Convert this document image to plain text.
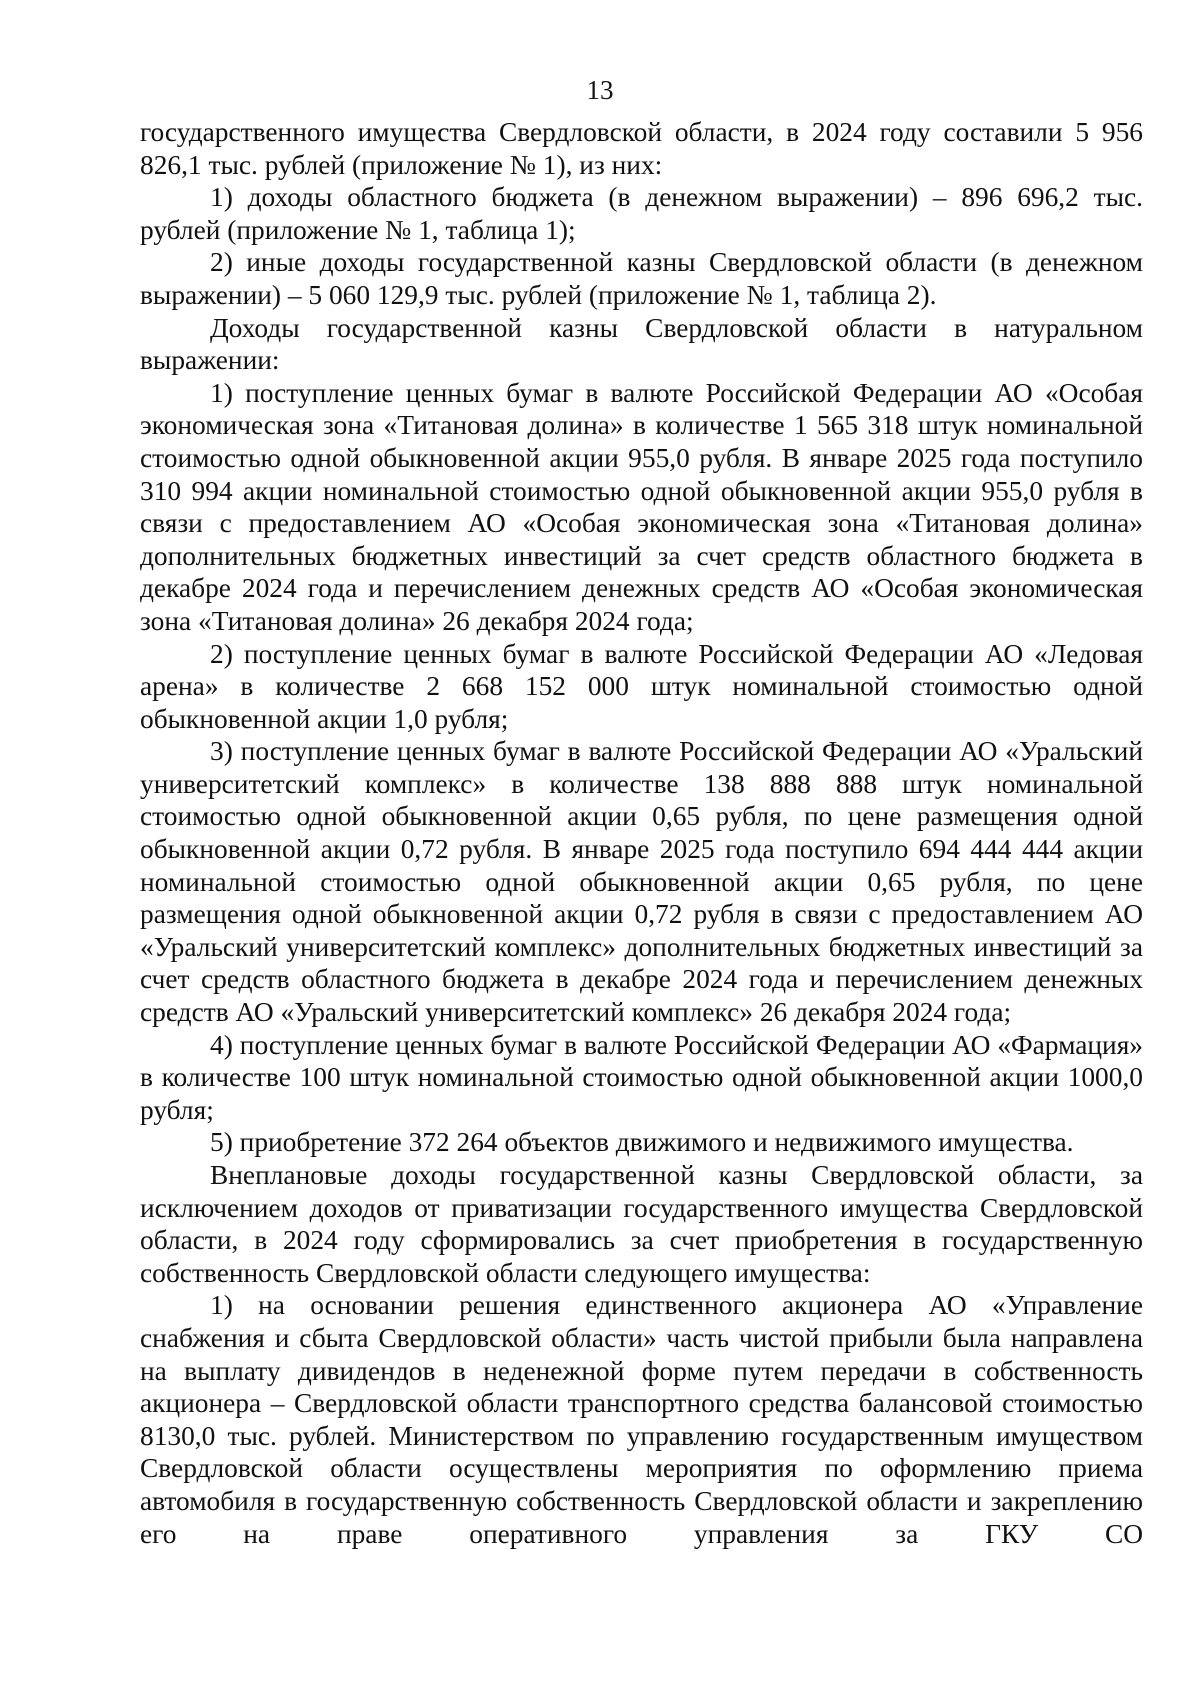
13

государственного имущества Свердловской области, в 2024 году составили 5 956 826,1 тыс. рублей (приложение № 1), из них:

1) доходы областного бюджета (в денежном выражении) – 896 696,2 тыс. рублей (приложение № 1, таблица 1);

2) иные доходы государственной казны Свердловской области (в денежном выражении) – 5 060 129,9 тыс. рублей (приложение № 1, таблица 2).

Доходы государственной казны Свердловской области в натуральном выражении:

1) поступление ценных бумаг в валюте Российской Федерации АО «Особая экономическая зона «Титановая долина» в количестве 1 565 318 штук номинальной стоимостью одной обыкновенной акции 955,0 рубля. В январе 2025 года поступило 310 994 акции номинальной стоимостью одной обыкновенной акции 955,0 рубля в связи с предоставлением АО «Особая экономическая зона «Титановая долина» дополнительных бюджетных инвестиций за счет средств областного бюджета в декабре 2024 года и перечислением денежных средств АО «Особая экономическая зона «Титановая долина» 26 декабря 2024 года;

2) поступление ценных бумаг в валюте Российской Федерации АО «Ледовая арена» в количестве 2 668 152 000 штук номинальной стоимостью одной обыкновенной акции 1,0 рубля;

3) поступление ценных бумаг в валюте Российской Федерации АО «Уральский университетский комплекс» в количестве 138 888 888 штук номинальной стоимостью одной обыкновенной акции 0,65 рубля, по цене размещения одной обыкновенной акции 0,72 рубля. В январе 2025 года поступило 694 444 444 акции номинальной стоимостью одной обыкновенной акции 0,65 рубля, по цене размещения одной обыкновенной акции 0,72 рубля в связи с предоставлением АО «Уральский университетский комплекс» дополнительных бюджетных инвестиций за счет средств областного бюджета в декабре 2024 года и перечислением денежных средств АО «Уральский университетский комплекс» 26 декабря 2024 года;

4) поступление ценных бумаг в валюте Российской Федерации АО «Фармация» в количестве 100 штук номинальной стоимостью одной обыкновенной акции 1000,0 рубля;

5) приобретение 372 264 объектов движимого и недвижимого имущества.

Внеплановые доходы государственной казны Свердловской области, за исключением доходов от приватизации государственного имущества Свердловской области, в 2024 году сформировались за счет приобретения в государственную собственность Свердловской области следующего имущества:

1) на основании решения единственного акционера АО «Управление снабжения и сбыта Свердловской области» часть чистой прибыли была направлена на выплату дивидендов в неденежной форме путем передачи в собственность акционера – Свердловской области транспортного средства балансовой стоимостью 8130,0 тыс. рублей. Министерством по управлению государственным имуществом Свердловской области осуществлены мероприятия по оформлению приема автомобиля в государственную собственность Свердловской области и закреплению его на праве оперативного управления за ГКУ СО
